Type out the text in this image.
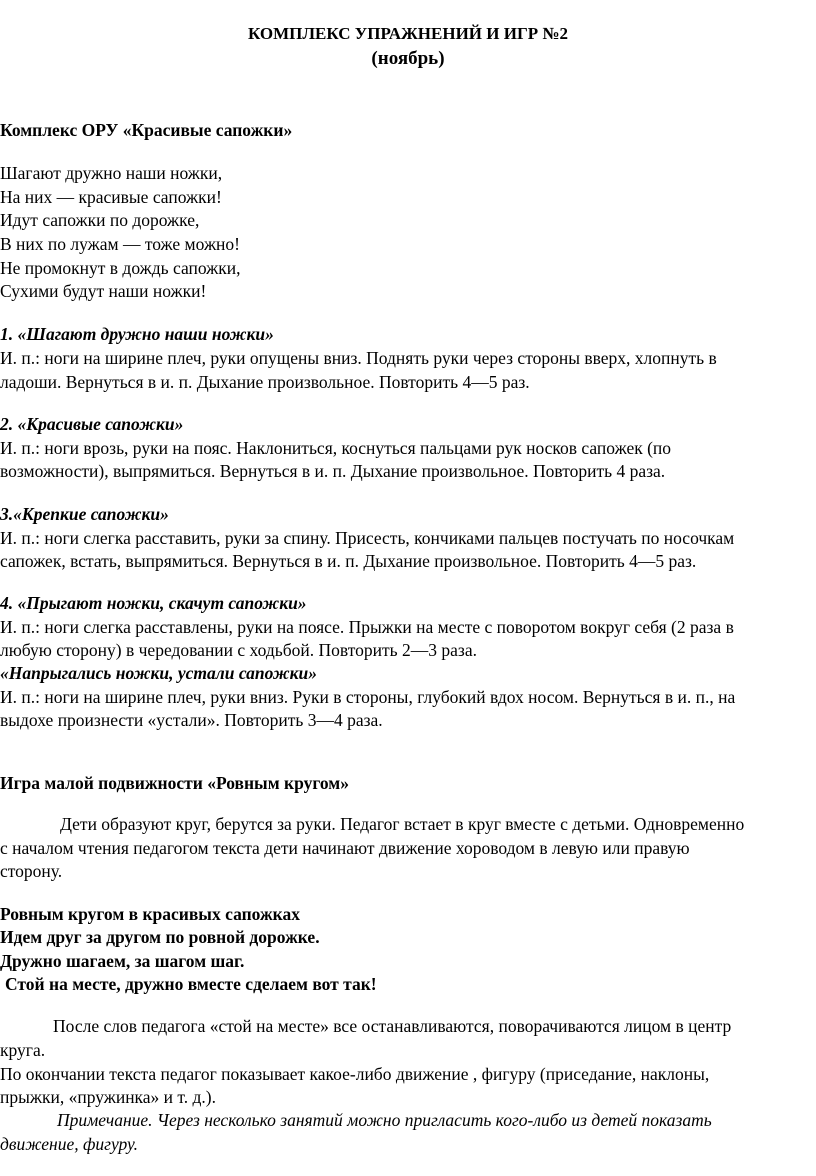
КОМПЛЕКС УПРАЖНЕНИЙ И ИГР №2
(ноябрь)
Комплекс ОРУ «Красивые сапожки»
Шагают дружно наши ножки,
На них — красивые сапожки!
Идут сапожки по дорожке,
В них по лужам — тоже можно!
Не промокнут в дождь сапожки,
Сухими будут наши ножки!
1. «Шагают дружно наши ножки»
И. п.: ноги на ширине плеч, руки опущены вниз. Поднять руки через стороны вверх, хлопнуть в
ладоши. Вернуться в и. п. Дыхание произвольное. Повторить 4—5 раз.
2. «Красивые сапожки»
И. п.: ноги врозь, руки на пояс. Наклониться, коснуться пальцами рук носков сапожек (по
возможности), выпрямиться. Вернуться в и. п. Дыхание произвольное. Повторить 4 раза.
3.«Крепкие сапожки»
И. п.: ноги слегка расставить, руки за спину. Присесть, кончиками пальцев постучать по носочкам
сапожек, встать, выпрямиться. Вернуться в и. п. Дыхание произвольное. Повторить 4—5 раз.
4. «Прыгают ножки, скачут сапожки»
И. п.: ноги слегка расставлены, руки на поясе. Прыжки на месте с поворотом вокруг себя (2 раза в
любую сторону) в чередовании с ходьбой. Повторить 2—3 раза.
«Напрыгались ножки, устали сапожки»
И. п.: ноги на ширине плеч, руки вниз. Руки в стороны, глубокий вдох носом. Вернуться в и. п., на
выдохе произнести «устали». Повторить 3—4 раза.
Игра малой подвижности «Ровным кругом»
Дети образуют круг, берутся за руки. Педагог встает в круг вместе с детьми. Одновременно
с началом чтения педагогом текста дети начинают движение хороводом в левую или правую
сторону.
Ровным кругом в красивых сапожках
Идем друг за другом по ровной дорожке.
Дружно шагаем, за шагом шаг.
Стой на месте, дружно вместе сделаем вот так!
После слов педагога «стой на месте» все останавливаются, поворачиваются лицом в центр
круга.
По окончании текста педагог показывает какое-либо движение , фигуру (приседание, наклоны,
прыжки, «пружинка» и т. д.).
Примечание. Через несколько занятий можно пригласить кого-либо из детей показать
движение, фигуру.
